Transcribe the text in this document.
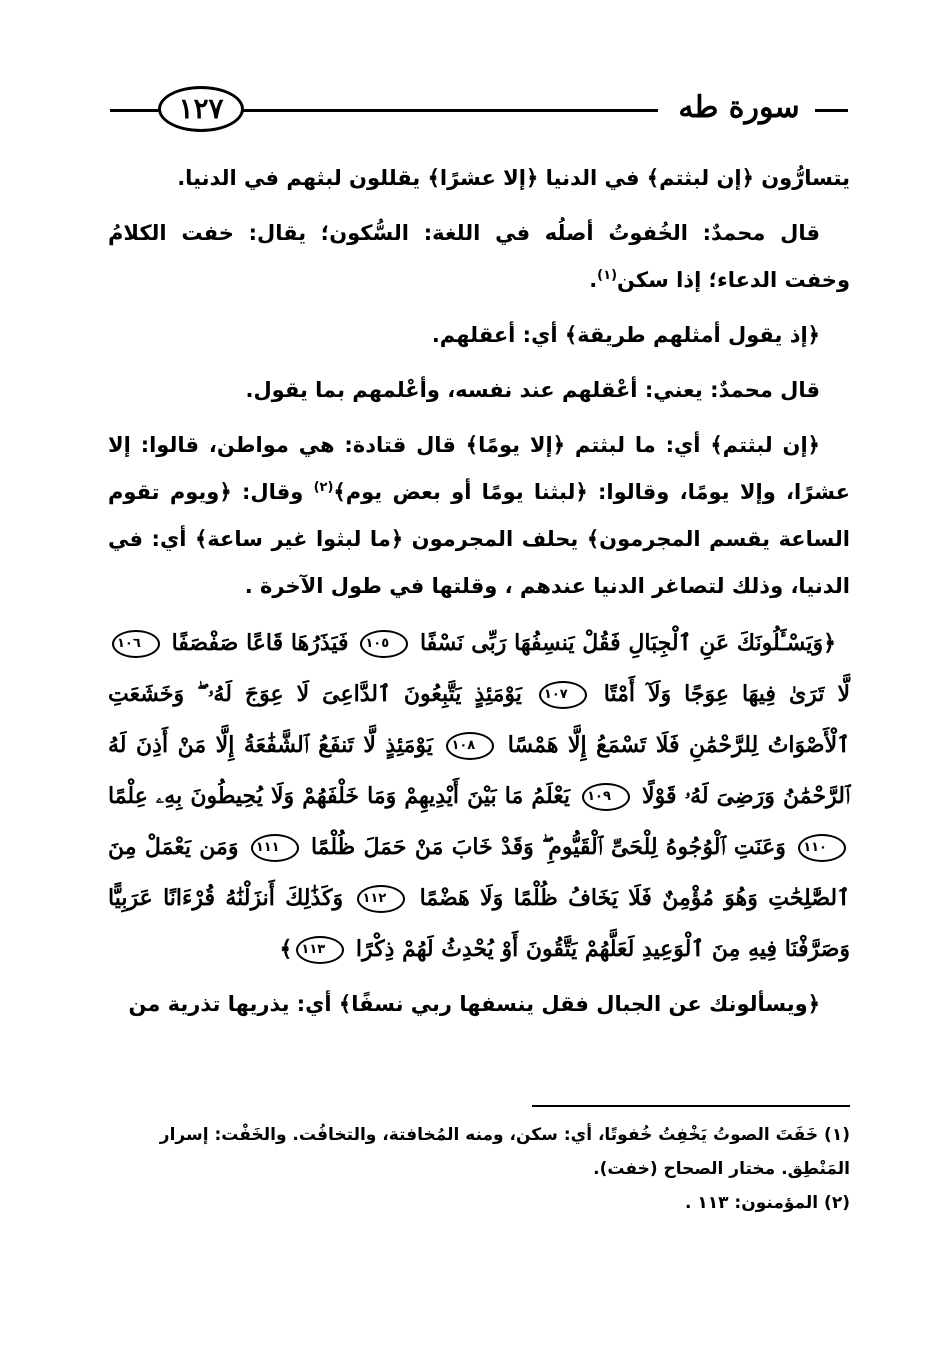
١٢٧	سورة طه

يتسارُّون ﴿إن لبثتم﴾ في الدنيا ﴿إلا عشرًا﴾ يقللون لبثهم في الدنيا.

قال محمدٌ: الخُفوتُ أصلُه في اللغة: السُّكون؛ يقال: خفت الكلامُ وخفت الدعاء؛ إذا سكن$^{(١)}$.

﴿إذ يقول أمثلهم طريقة﴾ أي: أعقلهم.

قال محمدٌ: يعني: أعْقلهم عند نفسه، وأعْلمهم بما يقول.

﴿إن لبثتم﴾ أي: ما لبثتم ﴿إلا يومًا﴾ قال قتادة: هي مواطن، قالوا: إلا عشرًا، وإلا يومًا، وقالوا: ﴿لبثنا يومًا أو بعض يوم﴾$^{(٢)}$ وقال: ﴿ويوم تقوم الساعة يقسم المجرمون﴾ يحلف المجرمون ﴿ما لبثوا غير ساعة﴾ أي: في الدنيا، وذلك لتصاغر الدنيا عندهم ، وقلتها في طول الآخرة .

﴿وَيَسْـَٔلُونَكَ عَنِ ٱلْجِبَالِ فَقُلْ يَنسِفُهَا رَبِّى نَسْفًا ١٠٥ فَيَذَرُهَا قَاعًا صَفْصَفًا ١٠٦ لَّا تَرَىٰ فِيهَا عِوَجًا وَلَآ أَمْتًا ١٠٧ يَوْمَئِذٍ يَتَّبِعُونَ ٱلدَّاعِىَ لَا عِوَجَ لَهُۥ ۖ وَخَشَعَتِ ٱلْأَصْوَاتُ لِلرَّحْمَٰنِ فَلَا تَسْمَعُ إِلَّا هَمْسًا ١٠٨ يَوْمَئِذٍ لَّا تَنفَعُ ٱلشَّفَٰعَةُ إِلَّا مَنْ أَذِنَ لَهُ ٱلرَّحْمَٰنُ وَرَضِىَ لَهُۥ قَوْلًا ١٠٩ يَعْلَمُ مَا بَيْنَ أَيْدِيهِمْ وَمَا خَلْفَهُمْ وَلَا يُحِيطُونَ بِهِۦ عِلْمًا ١١٠ وَعَنَتِ ٱلْوُجُوهُ لِلْحَىِّ ٱلْقَيُّومِ ۖ وَقَدْ خَابَ مَنْ حَمَلَ ظُلْمًا ١١١ وَمَن يَعْمَلْ مِنَ ٱلصَّٰلِحَٰتِ وَهُوَ مُؤْمِنٌ فَلَا يَخَافُ ظُلْمًا وَلَا هَضْمًا ١١٢ وَكَذَٰلِكَ أَنزَلْنَٰهُ قُرْءَانًا عَرَبِيًّا وَصَرَّفْنَا فِيهِ مِنَ ٱلْوَعِيدِ لَعَلَّهُمْ يَتَّقُونَ أَوْ يُحْدِثُ لَهُمْ ذِكْرًا ١١٣﴾

﴿ويسألونك عن الجبال فقل ينسفها ربي نسفًا﴾ أي: يذريها تذرية من

(١) خَفَتَ الصوتُ يَخْفِتُ خُفوتًا، أي: سكن، ومنه المُخافتة، والتخافُت. والخَفْت: إسرار المَنْطِق. مختار الصحاح (خفت).

(٢) المؤمنون: ١١٣ .
